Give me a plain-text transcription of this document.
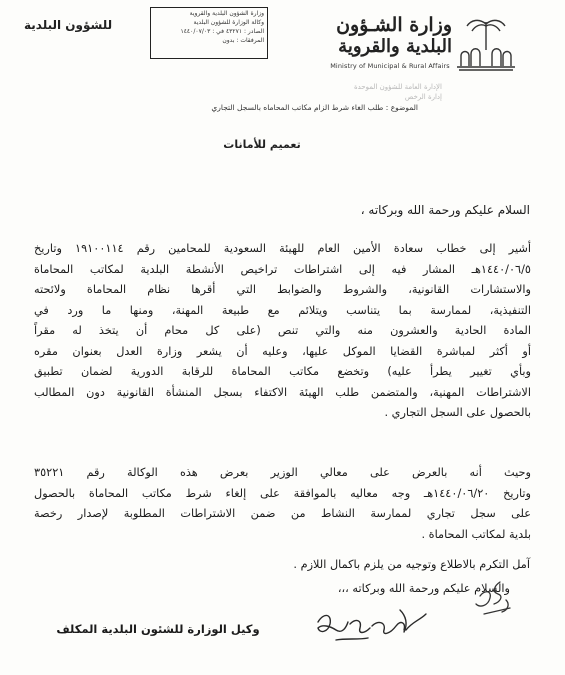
وزارة الشـؤون
البلدية والقروية
Ministry of Municipal & Rural Affairs
للشؤون البلدية
وزارة الشؤون البلدية والقروية
وكالة الوزارة للشؤون البلدية
الصادر : ٤٣٢٧١ في : ١٤٤٠/٠٧/٠٣
المرفقات : بدون
الإدارة العامة للشؤون الموحدة
إدارة الرخص
الموضوع : طلب الغاء شرط الزام مكاتب المحاماه بالسجل التجاري
تعميم للأمانات
السلام عليكم ورحمة الله وبركاته ،
أشير إلى خطاب سعادة الأمين العام للهيئة السعودية للمحامين رقم ١٩١٠٠١١٤ وتاريخ
١٤٤٠/٠٦/٥هـ المشار فيه إلى اشتراطات تراخيص الأنشطة البلدية لمكاتب المحاماة
والاستشارات القانونية، والشروط والضوابط التي أقرها نظام المحاماة ولائحته
التنفيذية، لممارسة بما يتناسب ويتلائم مع طبيعة المهنة، ومنها ما ورد في
المادة الحادية والعشرون منه والتي تنص (على كل محام أن يتخذ له مقراً
أو أكثر لمباشرة القضايا الموكل عليها، وعليه أن يشعر وزارة العدل بعنوان مقره
وبأي تغيير يطرأ عليه) وتخضع مكاتب المحاماة للرقابة الدورية لضمان تطبيق
الاشتراطات المهنية، والمتضمن طلب الهيئة الاكتفاء بسجل المنشأة القانونية دون المطالب
بالحصول على السجل التجاري .
وحيث أنه بالعرض على معالي الوزير بعرض هذه الوكالة رقم ٣٥٢٢١
وتاريخ ١٤٤٠/٠٦/٢٠هـ وجه معاليه بالموافقة على إلغاء شرط مكاتب المحاماة بالحصول
على سجل تجاري لممارسة النشاط من ضمن الاشتراطات المطلوبة لإصدار رخصة
بلدية لمكاتب المحاماة .
آمل التكرم بالاطلاع وتوجيه من يلزم باكمال اللازم .
والسلام عليكم ورحمة الله وبركاته ،،،
وكيل الوزارة للشئون البلدية المكلف
